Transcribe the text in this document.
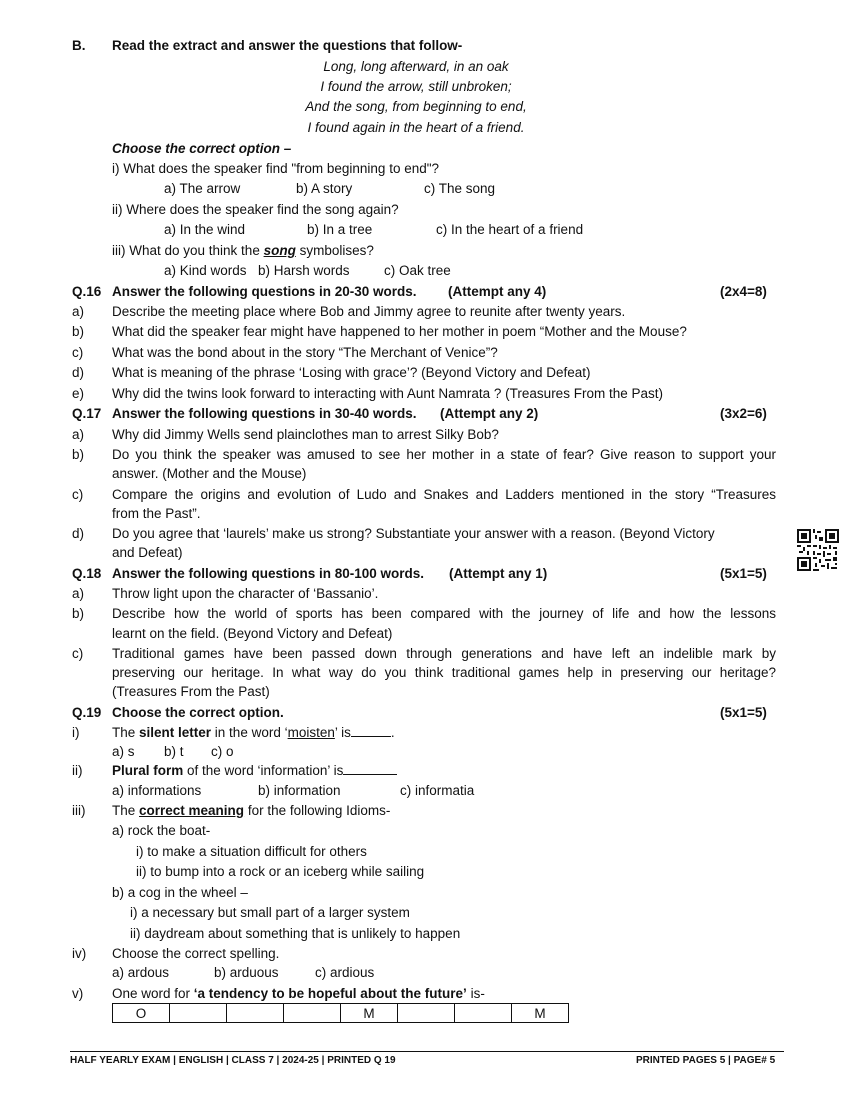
B. Read the extract and answer the questions that follow-
Long, long afterward, in an oak
I found the arrow, still unbroken;
And the song, from beginning to end,
I found again in the heart of a friend.
Choose the correct option –
i) What does the speaker find "from beginning to end"?
a) The arrow	b) A story	c) The song
ii) Where does the speaker find the song again?
a) In the wind	b) In a tree	c) In the heart of a friend
iii) What do you think the song symbolises?
a) Kind words b) Harsh words	c) Oak tree
Q.16 Answer the following questions in 20-30 words. (Attempt any 4)	(2x4=8)
a) Describe the meeting place where Bob and Jimmy agree to reunite after twenty years.
b) What did the speaker fear might have happened to her mother in poem “Mother and the Mouse?
c) What was the bond about in the story “The Merchant of Venice”?
d) What is meaning of the phrase ‘Losing with grace’? (Beyond Victory and Defeat)
e) Why did the twins look forward to interacting with Aunt Namrata ? (Treasures From the Past)
Q.17 Answer the following questions in 30-40 words. (Attempt any 2)	(3x2=6)
a) Why did Jimmy Wells send plainclothes man to arrest Silky Bob?
b) Do you think the speaker was amused to see her mother in a state of fear? Give reason to support your
answer. (Mother and the Mouse)
c) Compare the origins and evolution of Ludo and Snakes and Ladders mentioned in the story “Treasures
from the Past”.
d) Do you agree that ‘laurels’ make us strong? Substantiate your answer with a reason. (Beyond Victory
and Defeat)
Q.18 Answer the following questions in 80-100 words. (Attempt any 1)	(5x1=5)
a) Throw light upon the character of ‘Bassanio’.
b) Describe how the world of sports has been compared with the journey of life and how the lessons
learnt on the field. (Beyond Victory and Defeat)
c) Traditional games have been passed down through generations and have left an indelible mark by
preserving our heritage. In what way do you think traditional games help in preserving our heritage?
(Treasures From the Past)
Q.19 Choose the correct option.	(5x1=5)
i) The silent letter in the word ‘moisten’ is	.
a) s b) t c) o
ii) Plural form of the word ‘information’ is
a) informations	b) information	c) informatia
iii) The correct meaning for the following Idioms-
a) rock the boat-
i) to make a situation difficult for others
ii) to bump into a rock or an iceberg while sailing
b) a cog in the wheel –
i) a necessary but small part of a larger system
ii) daydream about something that is unlikely to happen
iv) Choose the correct spelling.
a) ardous	b) arduous	c) ardious
v) One word for ‘a tendency to be hopeful about the future’ is-
O				M			M
HALF YEARLY EXAM | ENGLISH | CLASS 7 | 2024-25 | PRINTED Q 19	PRINTED PAGES 5 | PAGE# 5
